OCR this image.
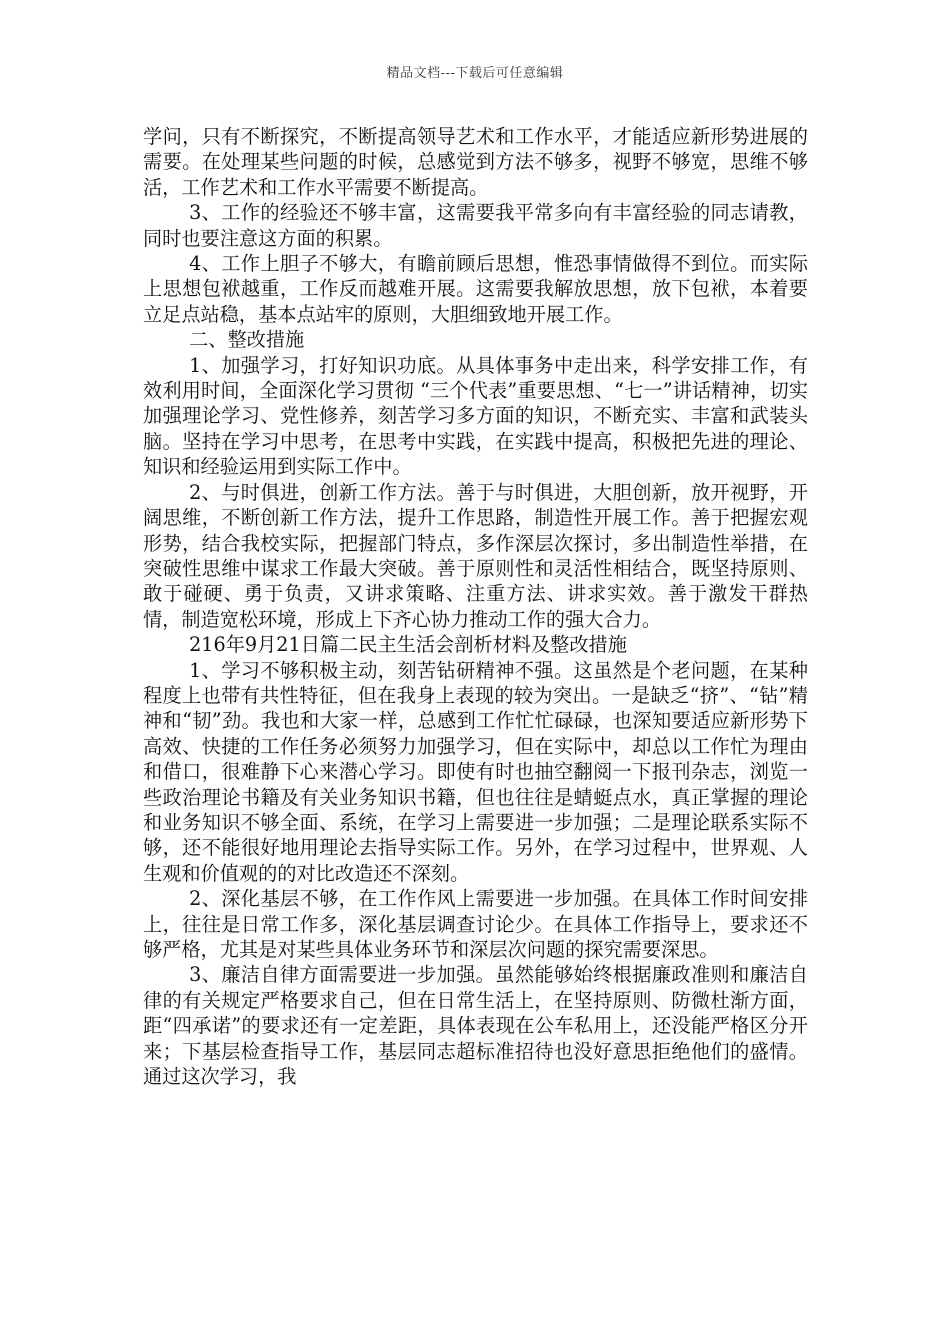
精品文档---下载后可任意编辑

学问，只有不断探究，不断提高领导艺术和工作水平，才能适应新形势进展的需要。在处理某些问题的时候，总感觉到方法不够多，视野不够宽，思维不够活，工作艺术和工作水平需要不断提高。

3、工作的经验还不够丰富，这需要我平常多向有丰富经验的同志请教，同时也要注意这方面的积累。

4、工作上胆子不够大，有瞻前顾后思想，惟恐事情做得不到位。而实际上思想包袱越重，工作反而越难开展。这需要我解放思想，放下包袱，本着要立足点站稳，基本点站牢的原则，大胆细致地开展工作。

二、整改措施

1、加强学习，打好知识功底。从具体事务中走出来，科学安排工作，有效利用时间，全面深化学习贯彻 “三个代表”重要思想、“七一”讲话精神，切实加强理论学习、党性修养，刻苦学习多方面的知识，不断充实、丰富和武装头脑。坚持在学习中思考，在思考中实践，在实践中提高，积极把先进的理论、知识和经验运用到实际工作中。

2、与时俱进，创新工作方法。善于与时俱进，大胆创新，放开视野，开阔思维，不断创新工作方法，提升工作思路，制造性开展工作。善于把握宏观形势，结合我校实际，把握部门特点，多作深层次探讨，多出制造性举措，在突破性思维中谋求工作最大突破。善于原则性和灵活性相结合，既坚持原则、敢于碰硬、勇于负责，又讲求策略、注重方法、讲求实效。善于激发干群热情，制造宽松环境，形成上下齐心协力推动工作的强大合力。

216年9月21日篇二民主生活会剖析材料及整改措施

1、学习不够积极主动，刻苦钻研精神不强。这虽然是个老问题，在某种程度上也带有共性特征，但在我身上表现的较为突出。一是缺乏“挤”、“钻”精神和“韧”劲。我也和大家一样，总感到工作忙忙碌碌，也深知要适应新形势下高效、快捷的工作任务必须努力加强学习，但在实际中，却总以工作忙为理由和借口，很难静下心来潜心学习。即使有时也抽空翻阅一下报刊杂志，浏览一些政治理论书籍及有关业务知识书籍，但也往往是蜻蜓点水，真正掌握的理论和业务知识不够全面、系统，在学习上需要进一步加强；二是理论联系实际不够，还不能很好地用理论去指导实际工作。另外，在学习过程中，世界观、人生观和价值观的的对比改造还不深刻。

2、深化基层不够，在工作作风上需要进一步加强。在具体工作时间安排上，往往是日常工作多，深化基层调查讨论少。在具体工作指导上，要求还不够严格，尤其是对某些具体业务环节和深层次问题的探究需要深思。

3、廉洁自律方面需要进一步加强。虽然能够始终根据廉政准则和廉洁自律的有关规定严格要求自己，但在日常生活上，在坚持原则、防微杜渐方面，距“四承诺”的要求还有一定差距，具体表现在公车私用上，还没能严格区分开来；下基层检查指导工作，基层同志超标准招待也没好意思拒绝他们的盛情。通过这次学习，我
